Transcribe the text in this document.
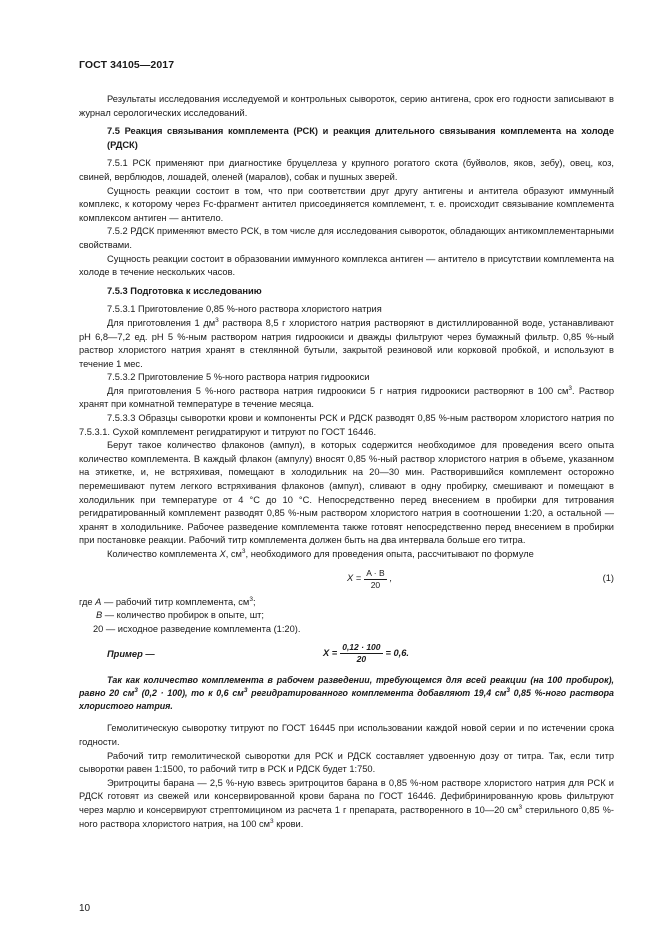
ГОСТ 34105—2017

Результаты исследования исследуемой и контрольных сывороток, серию антигена, срок его годности записывают в журнал серологических исследований.

7.5 Реакция связывания комплемента (РСК) и реакция длительного связывания комплемента на холоде (РДСК)

7.5.1 РСК применяют при диагностике бруцеллеза у крупного рогатого скота (буйволов, яков, зебу), овец, коз, свиней, верблюдов, лошадей, оленей (маралов), собак и пушных зверей.

Сущность реакции состоит в том, что при соответствии друг другу антигены и антитела образуют иммунный комплекс, к которому через Fc-фрагмент антител присоединяется комплемент, т. е. происходит связывание комплемента комплексом антиген — антитело.

7.5.2 РДСК применяют вместо РСК, в том числе для исследования сывороток, обладающих антикомплементарными свойствами.

Сущность реакции состоит в образовании иммунного комплекса антиген — антитело в присутствии комплемента на холоде в течение нескольких часов.

7.5.3 Подготовка к исследованию

7.5.3.1 Приготовление 0,85 %-ного раствора хлористого натрия

Для приготовления 1 $дм^3$ раствора 8,5 г хлористого натрия растворяют в дистиллированной воде, устанавливают рН 6,8—7,2 ед. рН 5 %-ным раствором натрия гидроокиси и дважды фильтруют через бумажный фильтр. 0,85 %-ный раствор хлористого натрия хранят в стеклянной бутыли, закрытой резиновой или корковой пробкой, и используют в течение 1 мес.

7.5.3.2 Приготовление 5 %-ного раствора натрия гидроокиси

Для приготовления 5 %-ного раствора натрия гидроокиси 5 г натрия гидроокиси растворяют в 100 $см^3$. Раствор хранят при комнатной температуре в течение месяца.

7.5.3.3 Образцы сыворотки крови и компоненты РСК и РДСК разводят 0,85 %-ным раствором хлористого натрия по 7.5.3.1. Сухой комплемент регидратируют и титруют по ГОСТ 16446.

Берут такое количество флаконов (ампул), в которых содержится необходимое для проведения всего опыта количество комплемента. В каждый флакон (ампулу) вносят 0,85 %-ный раствор хлористого натрия в объеме, указанном на этикетке, и, не встряхивая, помещают в холодильник на 20—30 мин. Растворившийся комплемент осторожно перемешивают путем легкого встряхивания флаконов (ампул), сливают в одну пробирку, смешивают и помещают в холодильник при температуре от 4 °С до 10 °С. Непосредственно перед внесением в пробирки для титрования регидратированный комплемент разводят 0,85 %-ным раствором хлористого натрия в соотношении 1:20, а остальной — хранят в холодильнике. Рабочее разведение комплемента также готовят непосредственно перед внесением в пробирки при постановке реакции. Рабочий титр комплемента должен быть на два интервала больше его титра.

Количество комплемента X, $см^3$, необходимого для проведения опыта, рассчитывают по формуле

$X = \frac{A \cdot B}{20}$ ,	(1)
где A — рабочий титр комплемента, $см^3$;
B — количество пробирок в опыте, шт;
20 — исходное разведение комплемента (1:20).
Пример —	$X = \frac{0,12 \cdot 100}{20} = 0,6$.

Так как количество комплемента в рабочем разведении, требующемся для всей реакции (на 100 пробирок), равно 20 $см^3$ (0,2 · 100), то к 0,6 $см^3$ регидратированного комплемента добавляют 19,4 $см^3$ 0,85 %-ного раствора хлористого натрия.

Гемолитическую сыворотку титруют по ГОСТ 16445 при использовании каждой новой серии и по истечении срока годности.

Рабочий титр гемолитической сыворотки для РСК и РДСК составляет удвоенную дозу от титра. Так, если титр сыворотки равен 1:1500, то рабочий титр в РСК и РДСК будет 1:750.

Эритроциты барана — 2,5 %-ную взвесь эритроцитов барана в 0,85 %-ном растворе хлористого натрия для РСК и РДСК готовят из свежей или консервированной крови барана по ГОСТ 16446. Дефибринированную кровь фильтруют через марлю и консервируют стрептомицином из расчета 1 г препарата, растворенного в 10—20 $см^3$ стерильного 0,85 %-ного раствора хлористого натрия, на 100 $см^3$ крови.

10
